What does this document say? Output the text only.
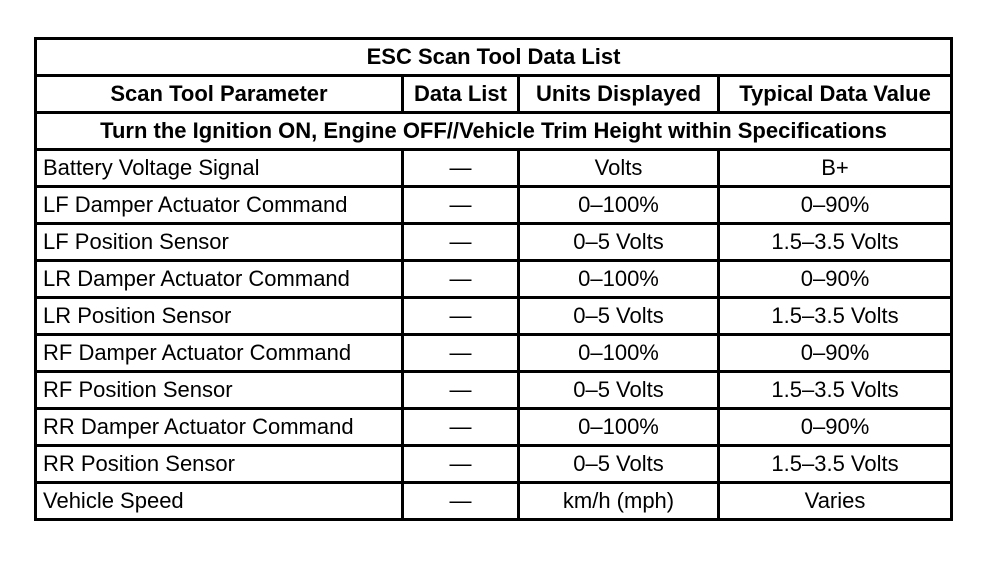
ESC Scan Tool Data List			
Scan Tool Parameter	Data List	Units Displayed	Typical Data Value
Turn the Ignition ON, Engine OFF//Vehicle Trim Height within Specifications			
Battery Voltage Signal	—	Volts	B+
LF Damper Actuator Command	—	0–100%	0–90%
LF Position Sensor	—	0–5 Volts	1.5–3.5 Volts
LR Damper Actuator Command	—	0–100%	0–90%
LR Position Sensor	—	0–5 Volts	1.5–3.5 Volts
RF Damper Actuator Command	—	0–100%	0–90%
RF Position Sensor	—	0–5 Volts	1.5–3.5 Volts
RR Damper Actuator Command	—	0–100%	0–90%
RR Position Sensor	—	0–5 Volts	1.5–3.5 Volts
Vehicle Speed	—	km/h (mph)	Varies
